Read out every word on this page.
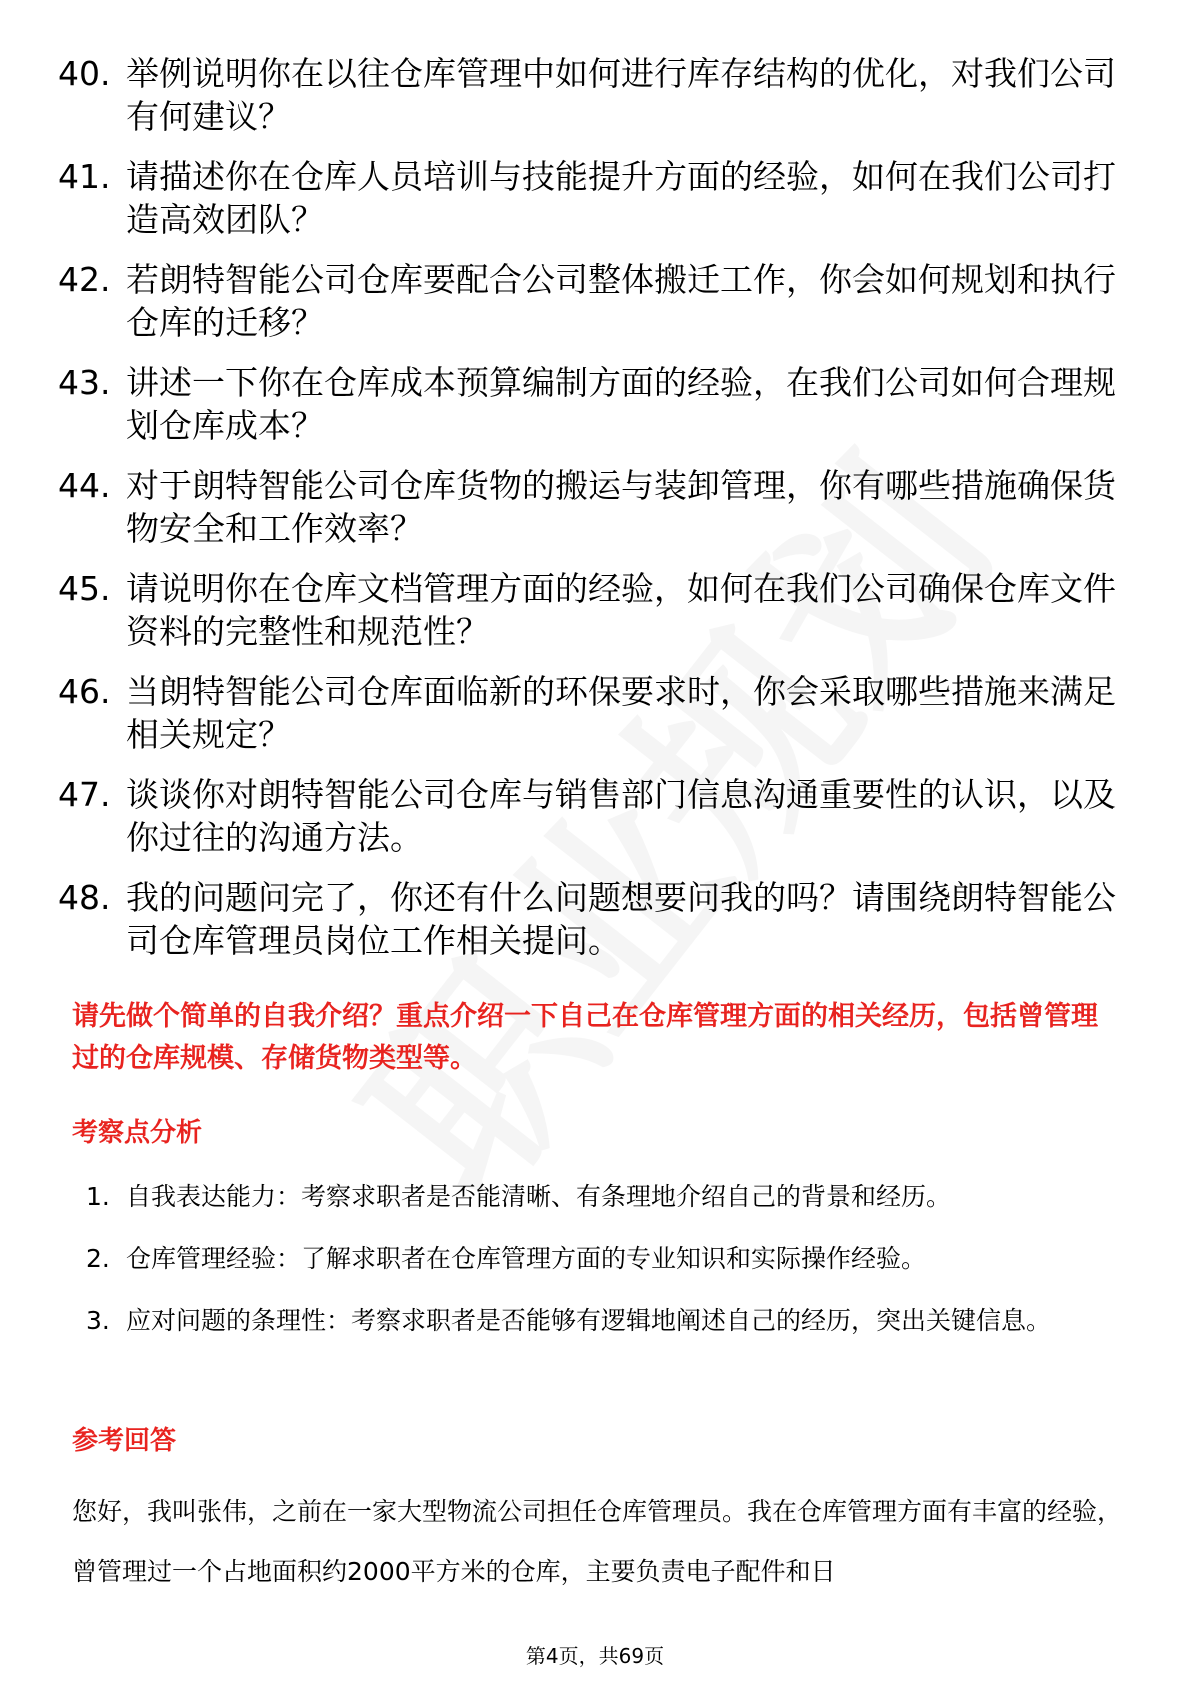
40. 举例说明你在以往仓库管理中如何进行库存结构的优化，对我们公司有何建议？
41. 请描述你在仓库人员培训与技能提升方面的经验，如何在我们公司打造高效团队？
42. 若朗特智能公司仓库要配合公司整体搬迁工作，你会如何规划和执行仓库的迁移？
43. 讲述一下你在仓库成本预算编制方面的经验，在我们公司如何合理规划仓库成本？
44. 对于朗特智能公司仓库货物的搬运与装卸管理，你有哪些措施确保货物安全和工作效率？
45. 请说明你在仓库文档管理方面的经验，如何在我们公司确保仓库文件资料的完整性和规范性？
46. 当朗特智能公司仓库面临新的环保要求时，你会采取哪些措施来满足相关规定？
47. 谈谈你对朗特智能公司仓库与销售部门信息沟通重要性的认识，以及你过往的沟通方法。
48. 我的问题问完了，你还有什么问题想要问我的吗？请围绕朗特智能公司仓库管理员岗位工作相关提问。
请先做个简单的自我介绍？重点介绍一下自己在仓库管理方面的相关经历，包括曾管理过的仓库规模、存储货物类型等。
考察点分析
1. 自我表达能力：考察求职者是否能清晰、有条理地介绍自己的背景和经历。
2. 仓库管理经验：了解求职者在仓库管理方面的专业知识和实际操作经验。
3. 应对问题的条理性：考察求职者是否能够有逻辑地阐述自己的经历，突出关键信息。
参考回答
您好，我叫张伟，之前在一家大型物流公司担任仓库管理员。我在仓库管理方面有丰富的经验，曾管理过一个占地面积约2000平方米的仓库，主要负责电子配件和日
第4页，共69页
